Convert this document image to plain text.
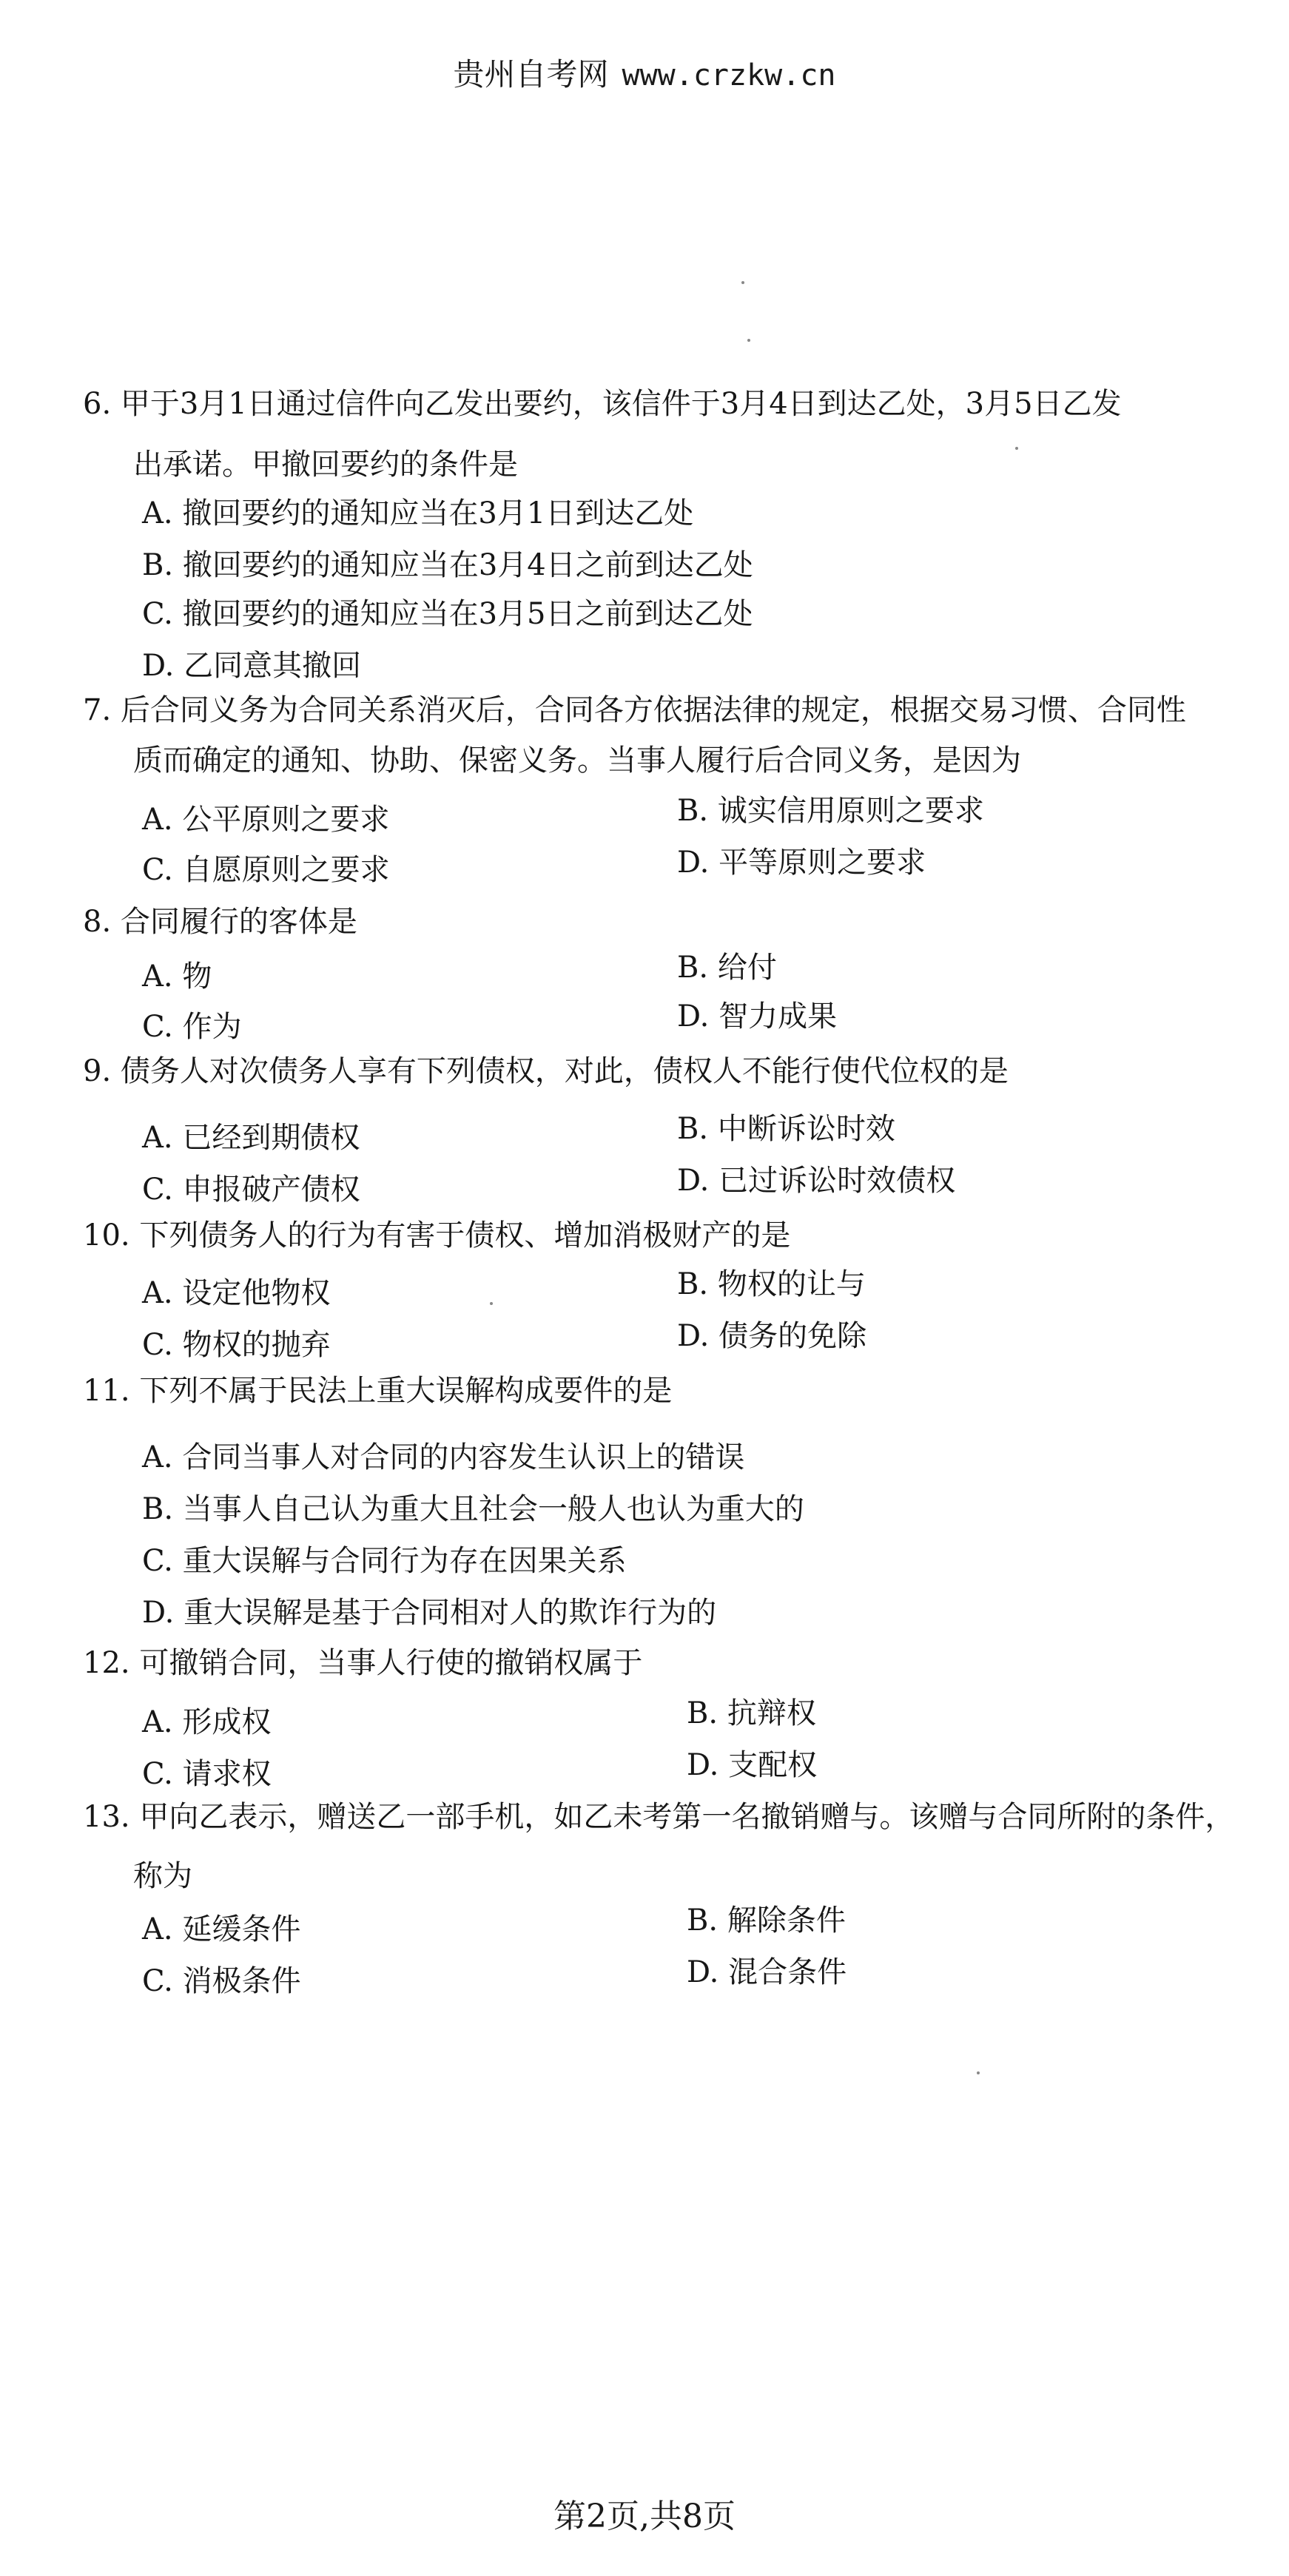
贵州自考网 www.crzkw.cn
6. 甲于3月1日通过信件向乙发出要约，该信件于3月4日到达乙处，3月5日乙发
出承诺。甲撤回要约的条件是
A. 撤回要约的通知应当在3月1日到达乙处
B. 撤回要约的通知应当在3月4日之前到达乙处
C. 撤回要约的通知应当在3月5日之前到达乙处
D. 乙同意其撤回
7. 后合同义务为合同关系消灭后，合同各方依据法律的规定，根据交易习惯、合同性
质而确定的通知、协助、保密义务。当事人履行后合同义务，是因为
A. 公平原则之要求	B. 诚实信用原则之要求
C. 自愿原则之要求	D. 平等原则之要求
8. 合同履行的客体是
A. 物	B. 给付
C. 作为	D. 智力成果
9. 债务人对次债务人享有下列债权，对此，债权人不能行使代位权的是
A. 已经到期债权	B. 中断诉讼时效
C. 申报破产债权	D. 已过诉讼时效债权
10. 下列债务人的行为有害于债权、增加消极财产的是
A. 设定他物权	B. 物权的让与
C. 物权的抛弃	D. 债务的免除
11. 下列不属于民法上重大误解构成要件的是
A. 合同当事人对合同的内容发生认识上的错误
B. 当事人自己认为重大且社会一般人也认为重大的
C. 重大误解与合同行为存在因果关系
D. 重大误解是基于合同相对人的欺诈行为的
12. 可撤销合同，当事人行使的撤销权属于
A. 形成权	B. 抗辩权
C. 请求权	D. 支配权
13. 甲向乙表示，赠送乙一部手机，如乙未考第一名撤销赠与。该赠与合同所附的条件，
称为
A. 延缓条件	B. 解除条件
C. 消极条件	D. 混合条件
第2页,共8页
